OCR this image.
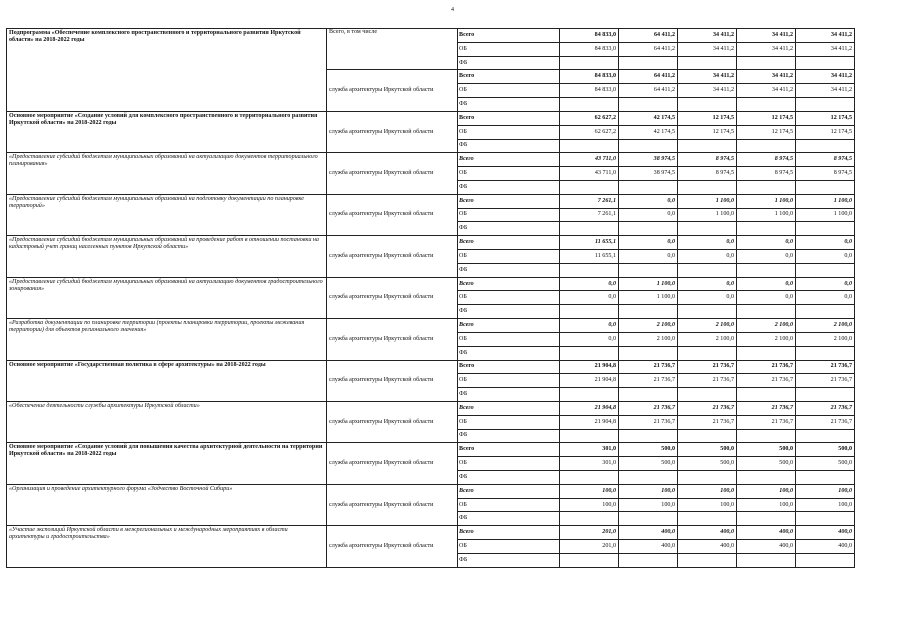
4
Подпрограмма «Обеспечение комплексного пространственного и территориального развития Иркутской области» на 2018-2022 годы	Всего, в том числе	Всего	84 833,0	64 411,2	34 411,2	34 411,2	34 411,2
		ОБ	84 833,0	64 411,2	34 411,2	34 411,2	34 411,2
		ФБ					
	служба архитектуры Иркутской области	Всего	84 833,0	64 411,2	34 411,2	34 411,2	34 411,2
		ОБ	84 833,0	64 411,2	34 411,2	34 411,2	34 411,2
		ФБ					
Основное мероприятие «Создание условий для комплексного пространственного и территориального развития Иркутской области» на 2018-2022 годы	служба архитектуры Иркутской области	Всего	62 627,2	42 174,5	12 174,5	12 174,5	12 174,5
		ОБ	62 627,2	42 174,5	12 174,5	12 174,5	12 174,5
		ФБ					
«Предоставление субсидий бюджетам муниципальных образований на актуализацию документов территориального планирования»	служба архитектуры Иркутской области	Всего	43 711,0	38 974,5	8 974,5	8 974,5	8 974,5
		ОБ	43 711,0	38 974,5	8 974,5	8 974,5	8 974,5
		ФБ					
«Предоставление субсидий бюджетам муниципальных образований на подготовку документации по планировке территорий»	служба архитектуры Иркутской области	Всего	7 261,1	0,0	1 100,0	1 100,0	1 100,0
		ОБ	7 261,1	0,0	1 100,0	1 100,0	1 100,0
		ФБ					
«Предоставление субсидий бюджетам муниципальных образований на проведение работ в отношении постановки на кадастровый учет границ населенных пунктов Иркутской области»	служба архитектуры Иркутской области	Всего	11 655,1	0,0	0,0	0,0	0,0
		ОБ	11 655,1	0,0	0,0	0,0	0,0
		ФБ					
«Предоставление субсидий бюджетам муниципальных образований на актуализацию документов градостроительного зонирования»	служба архитектуры Иркутской области	Всего	0,0	1 100,0	0,0	0,0	0,0
		ОБ	0,0	1 100,0	0,0	0,0	0,0
		ФБ					
«Разработка документации по планировке территории (проекты планировки территории, проекты межевания территории) для объектов регионального значения»	служба архитектуры Иркутской области	Всего	0,0	2 100,0	2 100,0	2 100,0	2 100,0
		ОБ	0,0	2 100,0	2 100,0	2 100,0	2 100,0
		ФБ					
Основное мероприятие «Государственная политика в сфере архитектуры» на 2018-2022 годы	служба архитектуры Иркутской области	Всего	21 904,8	21 736,7	21 736,7	21 736,7	21 736,7
		ОБ	21 904,8	21 736,7	21 736,7	21 736,7	21 736,7
		ФБ					
«Обеспечение деятельности службы архитектуры Иркутской области»	служба архитектуры Иркутской области	Всего	21 904,8	21 736,7	21 736,7	21 736,7	21 736,7
		ОБ	21 904,8	21 736,7	21 736,7	21 736,7	21 736,7
		ФБ					
Основное мероприятие «Создание условий для повышения качества архитектурной деятельности на территории Иркутской области» на 2018-2022 годы	служба архитектуры Иркутской области	Всего	301,0	500,0	500,0	500,0	500,0
		ОБ	301,0	500,0	500,0	500,0	500,0
		ФБ					
«Организация и проведение архитектурного форума «Зодчество Восточной Сибири»	служба архитектуры Иркутской области	Всего	100,0	100,0	100,0	100,0	100,0
		ОБ	100,0	100,0	100,0	100,0	100,0
		ФБ					
«Участие экспозиций Иркутской области в межрегиональных и международных мероприятиях в области архитектуры и градостроительства»	служба архитектуры Иркутской области	Всего	201,0	400,0	400,0	400,0	400,0
		ОБ	201,0	400,0	400,0	400,0	400,0
		ФБ					
